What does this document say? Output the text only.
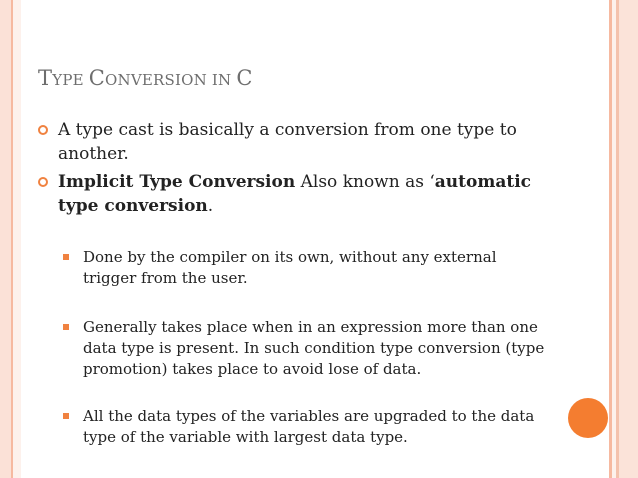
TYPE CONVERSION IN C
A type cast is basically a conversion from one type to another.
Implicit Type Conversion Also known as ‘automatic type conversion.
Done by the compiler on its own, without any external trigger from the user.
Generally takes place when in an expression more than one data type is present. In such condition type conversion (type promotion) takes place to avoid lose of data.
All the data types of the variables are upgraded to the data type of the variable with largest data type.
